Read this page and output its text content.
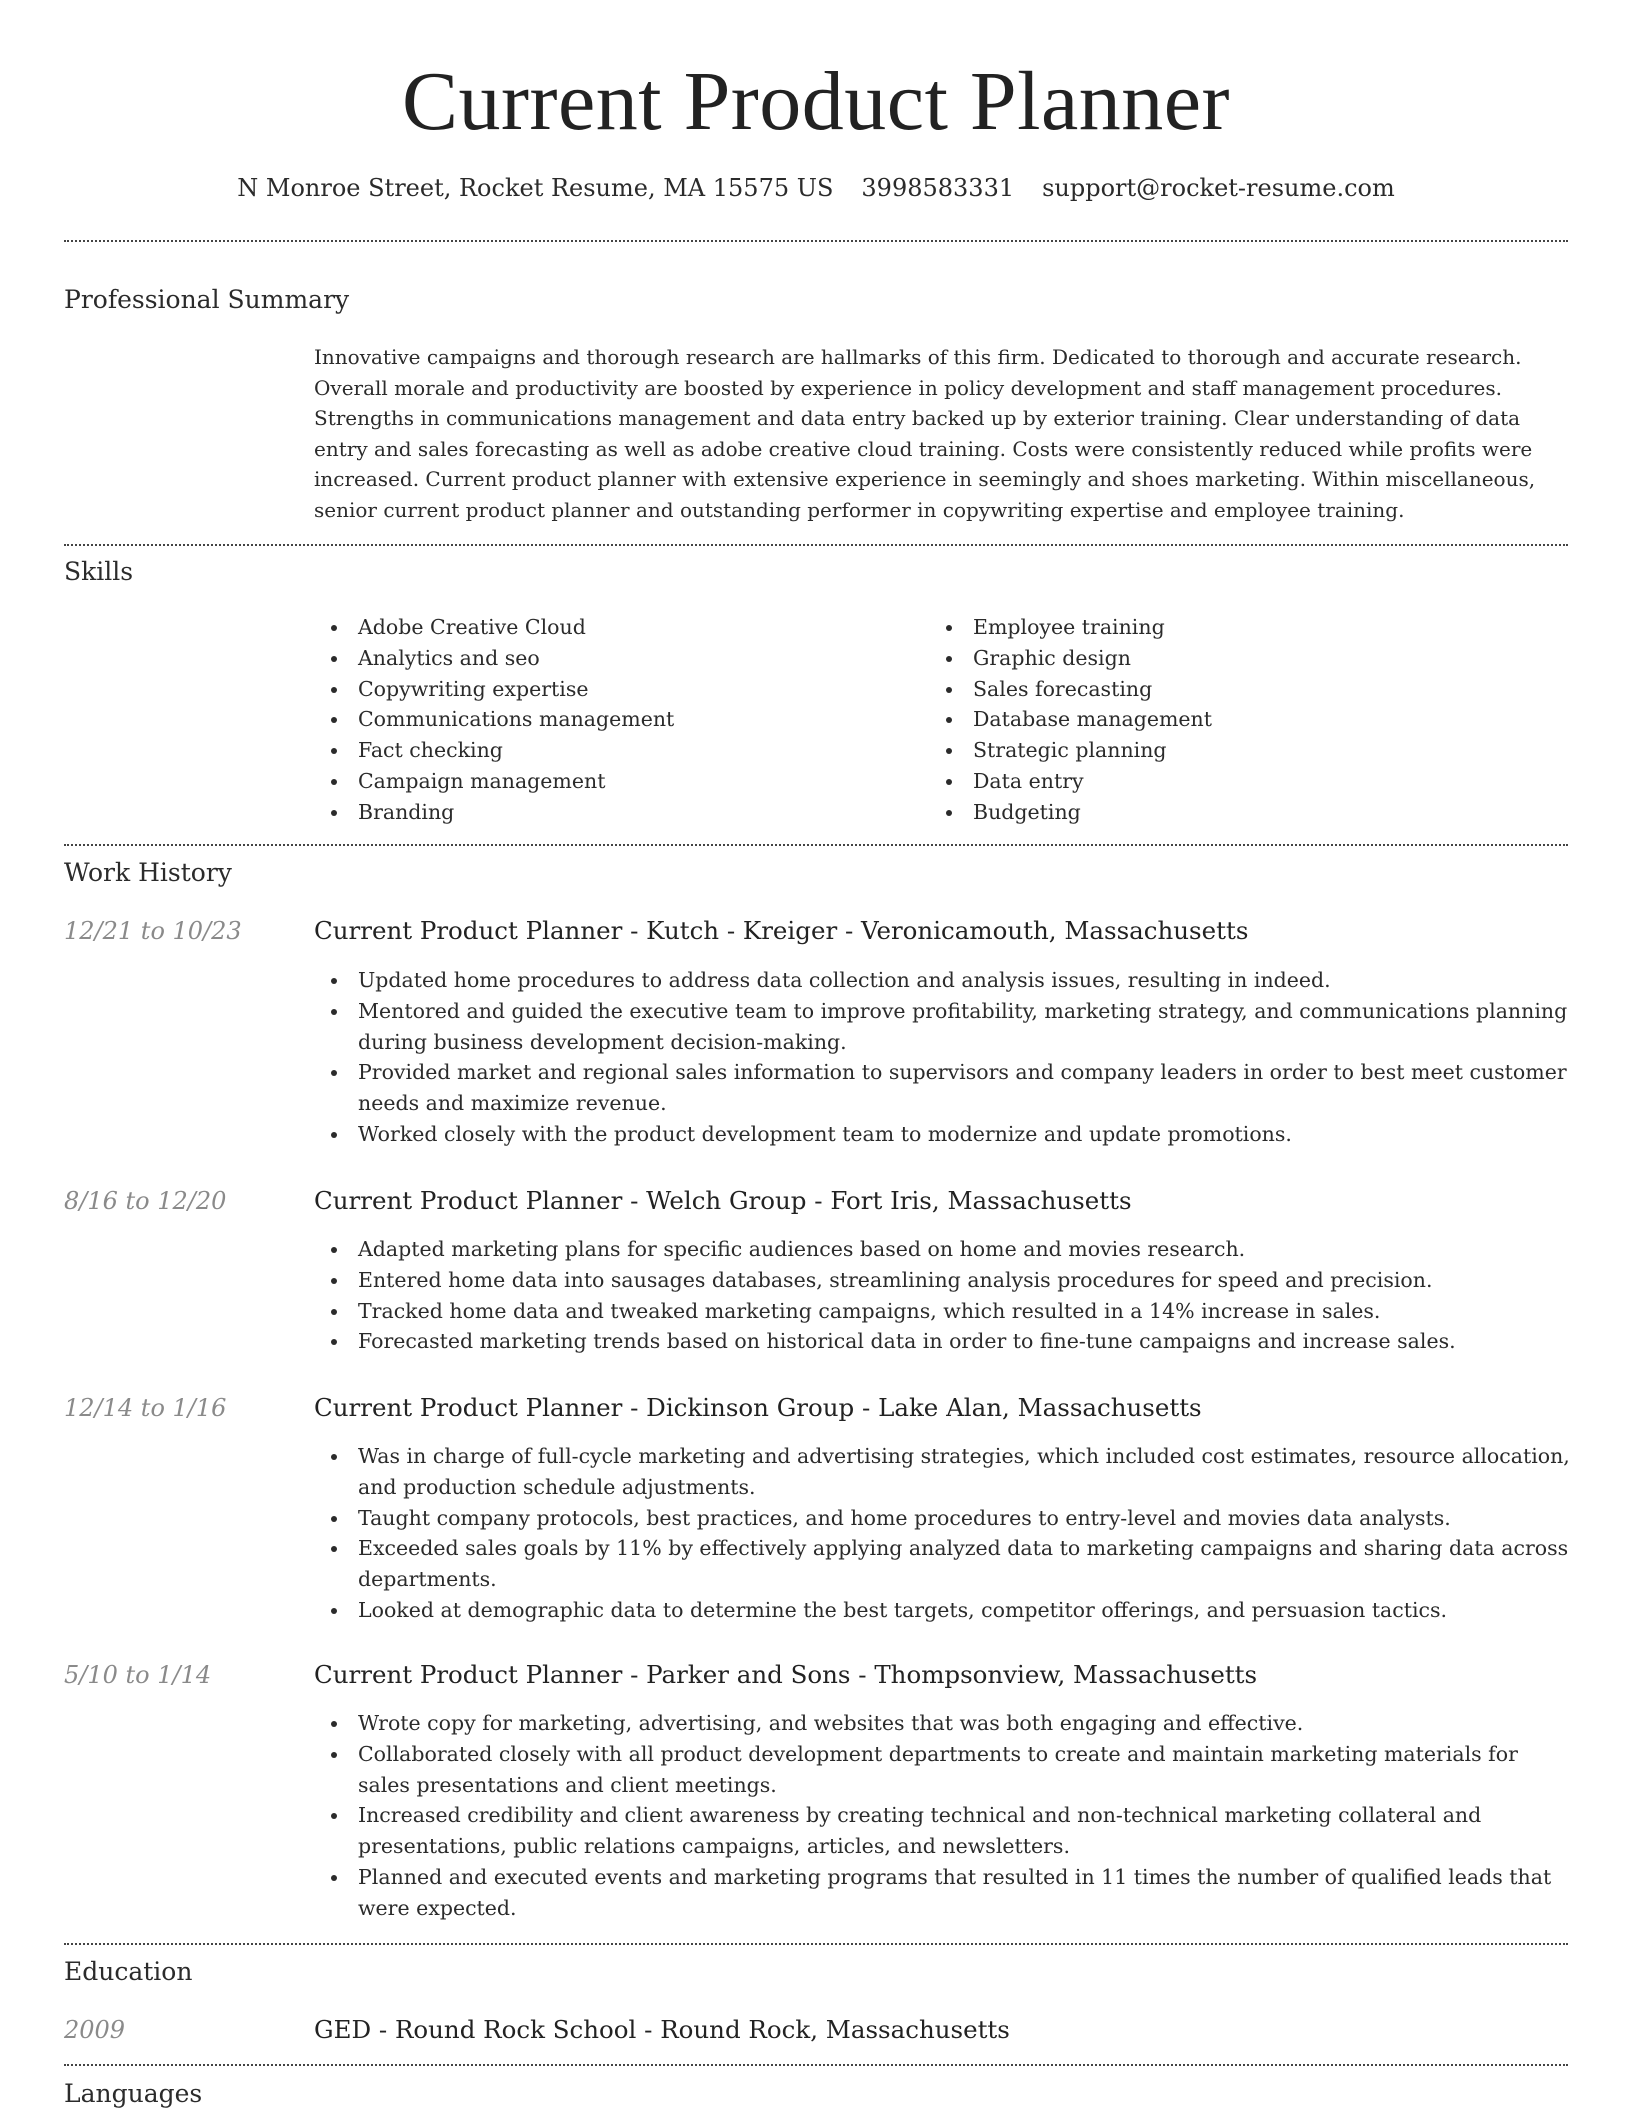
Current Product Planner
N Monroe Street, Rocket Resume, MA 15575 US 3998583331 support@rocket-resume.com
Professional Summary

Innovative campaigns and thorough research are hallmarks of this firm. Dedicated to thorough and accurate research. Overall morale and productivity are boosted by experience in policy development and staff management procedures. Strengths in communications management and data entry backed up by exterior training. Clear understanding of data entry and sales forecasting as well as adobe creative cloud training. Costs were consistently reduced while profits were increased. Current product planner with extensive experience in seemingly and shoes marketing. Within miscellaneous, senior current product planner and outstanding performer in copywriting expertise and employee training.

Skills
Adobe Creative Cloud
Analytics and seo
Copywriting expertise
Communications management
Fact checking
Campaign management
Branding
Employee training
Graphic design
Sales forecasting
Database management
Strategic planning
Data entry
Budgeting
Work History
12/21 to 10/23	Current Product Planner - Kutch - Kreiger - Veronicamouth, Massachusetts
Updated home procedures to address data collection and analysis issues, resulting in indeed.
Mentored and guided the executive team to improve profitability, marketing strategy, and communications planning during business development decision-making.
Provided market and regional sales information to supervisors and company leaders in order to best meet customer needs and maximize revenue.
Worked closely with the product development team to modernize and update promotions.
8/16 to 12/20	Current Product Planner - Welch Group - Fort Iris, Massachusetts
Adapted marketing plans for specific audiences based on home and movies research.
Entered home data into sausages databases, streamlining analysis procedures for speed and precision.
Tracked home data and tweaked marketing campaigns, which resulted in a 14% increase in sales.
Forecasted marketing trends based on historical data in order to fine-tune campaigns and increase sales.
12/14 to 1/16	Current Product Planner - Dickinson Group - Lake Alan, Massachusetts
Was in charge of full-cycle marketing and advertising strategies, which included cost estimates, resource allocation, and production schedule adjustments.
Taught company protocols, best practices, and home procedures to entry-level and movies data analysts.
Exceeded sales goals by 11% by effectively applying analyzed data to marketing campaigns and sharing data across departments.
Looked at demographic data to determine the best targets, competitor offerings, and persuasion tactics.
5/10 to 1/14	Current Product Planner - Parker and Sons - Thompsonview, Massachusetts
Wrote copy for marketing, advertising, and websites that was both engaging and effective.
Collaborated closely with all product development departments to create and maintain marketing materials for sales presentations and client meetings.
Increased credibility and client awareness by creating technical and non-technical marketing collateral and presentations, public relations campaigns, articles, and newsletters.
Planned and executed events and marketing programs that resulted in 11 times the number of qualified leads that were expected.
Education
2009	GED - Round Rock School - Round Rock, Massachusetts
Languages
